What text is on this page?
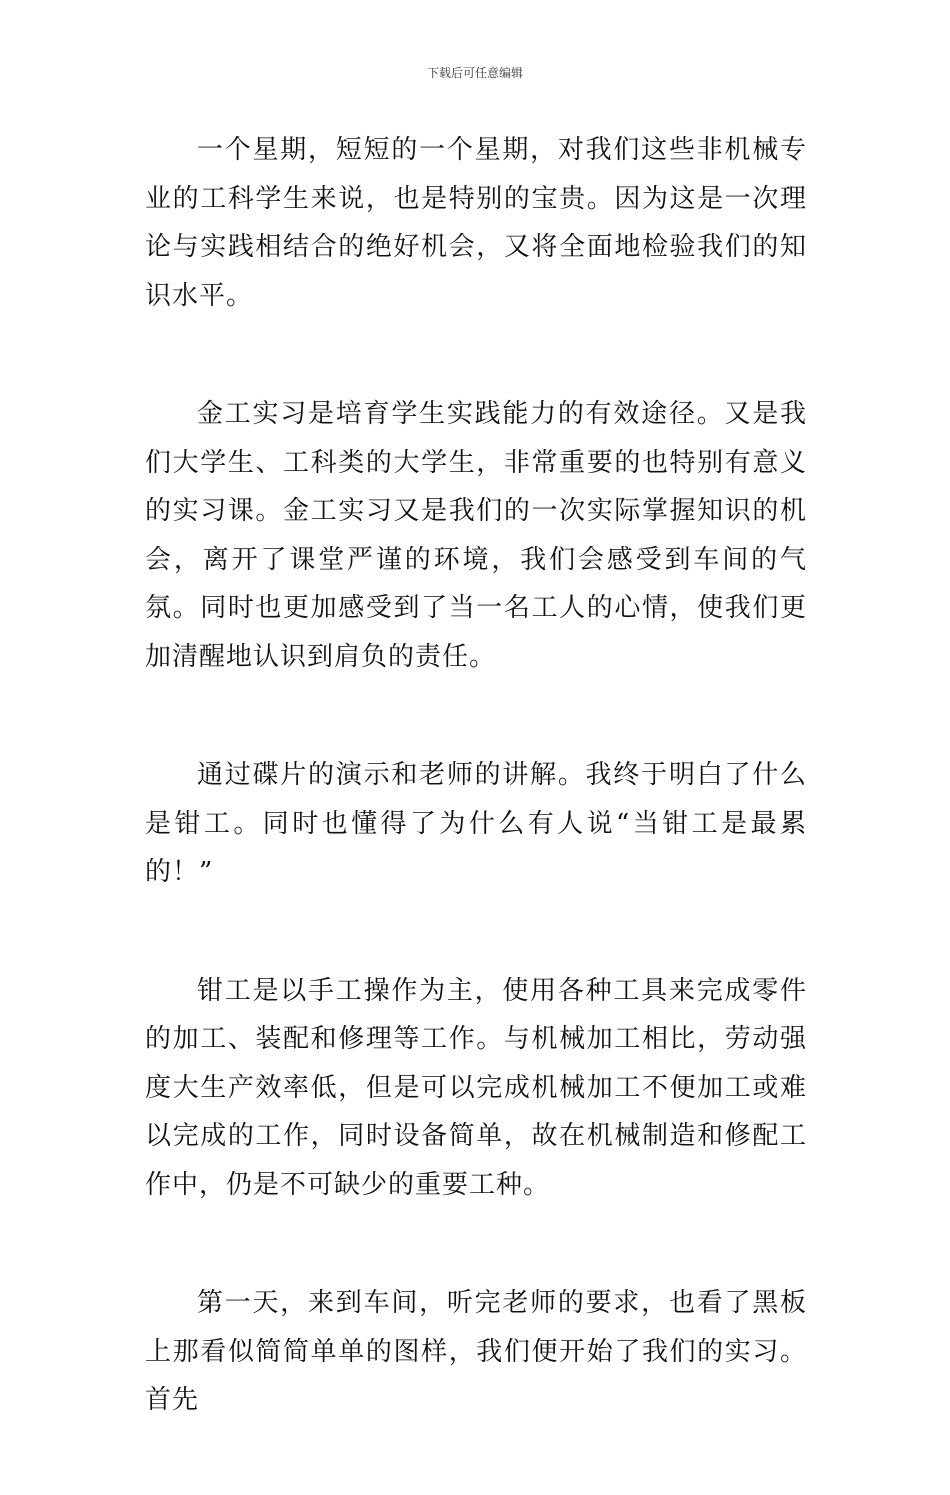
下载后可任意编辑

一个星期，短短的一个星期，对我们这些非机械专业的工科学生来说，也是特别的宝贵。因为这是一次理论与实践相结合的绝好机会，又将全面地检验我们的知识水平。

金工实习是培育学生实践能力的有效途径。又是我们大学生、工科类的大学生，非常重要的也特别有意义的实习课。金工实习又是我们的一次实际掌握知识的机会，离开了课堂严谨的环境，我们会感受到车间的气氛。同时也更加感受到了当一名工人的心情，使我们更加清醒地认识到肩负的责任。

通过碟片的演示和老师的讲解。我终于明白了什么是钳工。同时也懂得了为什么有人说“当钳工是最累的！”

钳工是以手工操作为主，使用各种工具来完成零件的加工、装配和修理等工作。与机械加工相比，劳动强度大生产效率低，但是可以完成机械加工不便加工或难以完成的工作，同时设备简单，故在机械制造和修配工作中，仍是不可缺少的重要工种。

第一天，来到车间，听完老师的要求，也看了黑板上那看似简简单单的图样，我们便开始了我们的实习。首先
